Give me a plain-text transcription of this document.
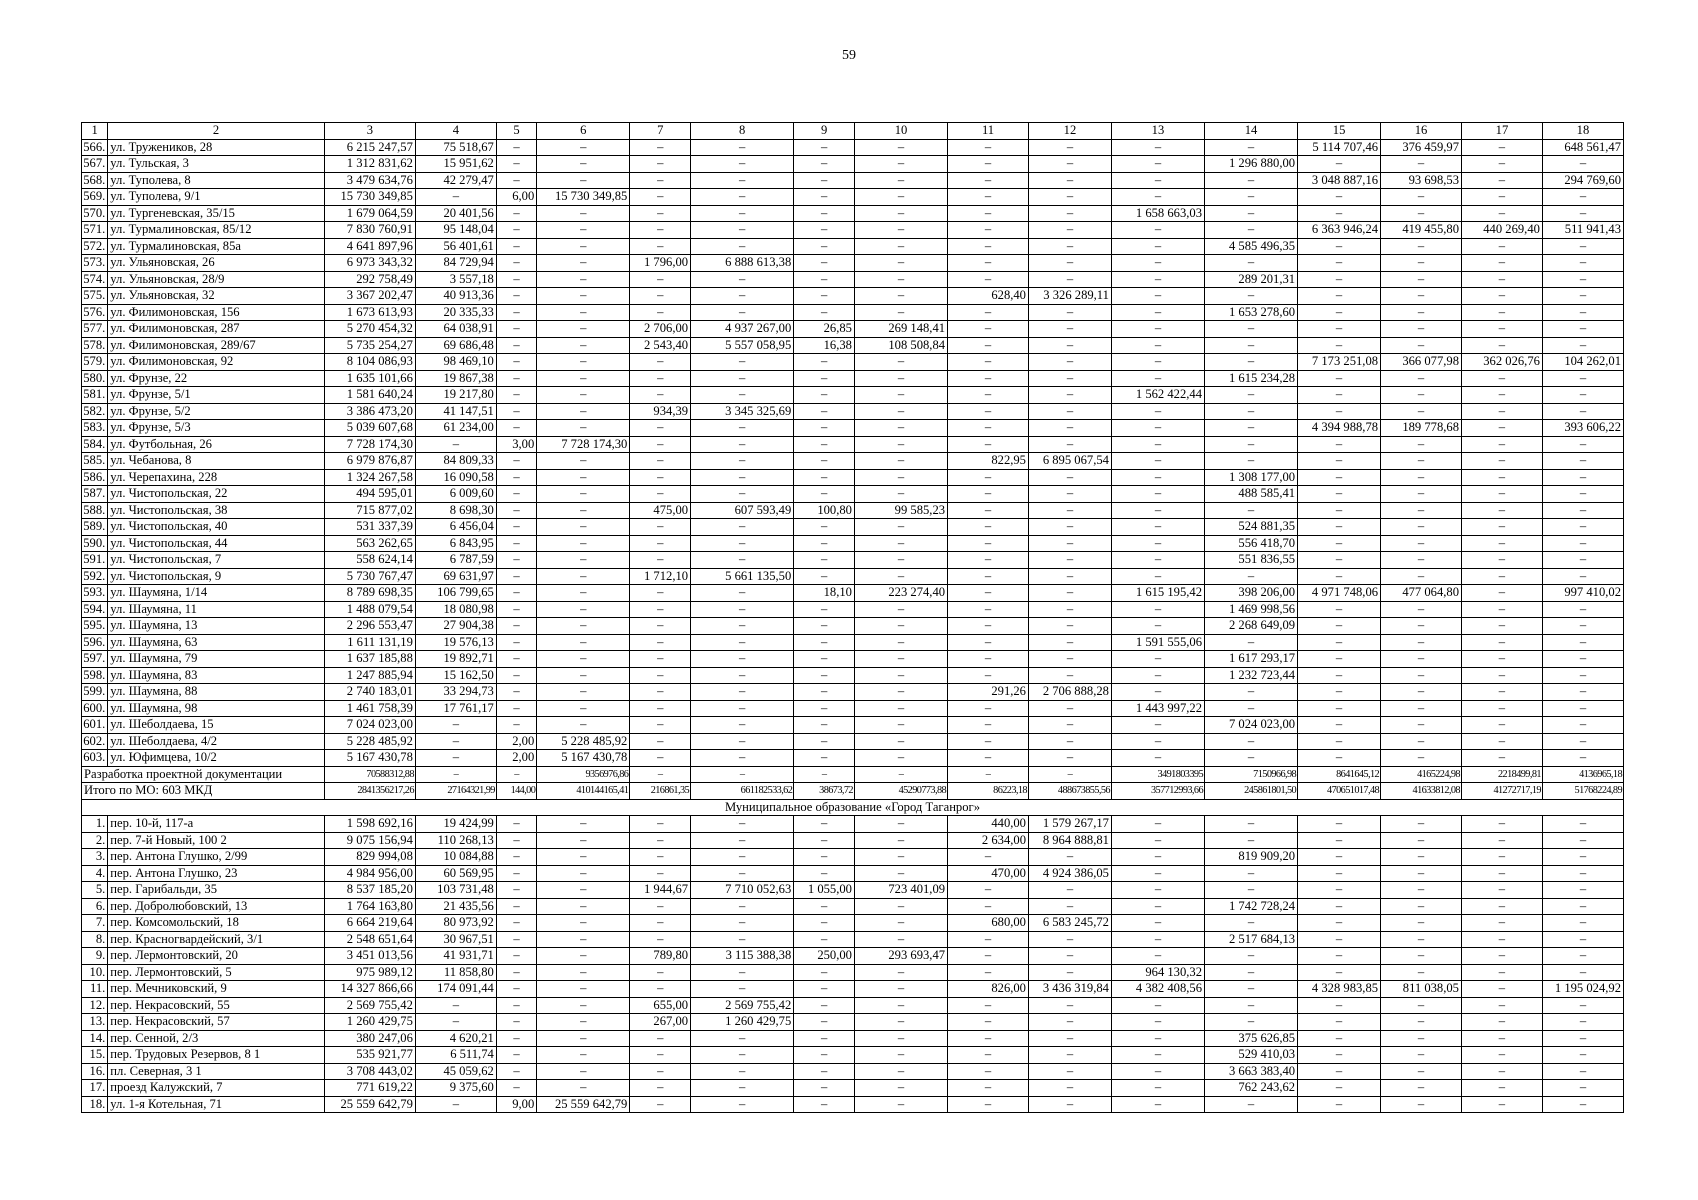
59
1	2	3	4	5	6	7	8	9	10	11	12	13	14	15	16	17	18
566.	ул. Тружеников, 28	6 215 247,57	75 518,67	–	–	–	–	–	–	–	–	–	–	5 114 707,46	376 459,97	–	648 561,47
567.	ул. Тульская, 3	1 312 831,62	15 951,62	–	–	–	–	–	–	–	–	–	1 296 880,00	–	–	–	–
568.	ул. Туполева, 8	3 479 634,76	42 279,47	–	–	–	–	–	–	–	–	–	–	3 048 887,16	93 698,53	–	294 769,60
569.	ул. Туполева, 9/1	15 730 349,85	–	6,00	15 730 349,85	–	–	–	–	–	–	–	–	–	–	–	–
570.	ул. Тургеневская, 35/15	1 679 064,59	20 401,56	–	–	–	–	–	–	–	–	1 658 663,03	–	–	–	–	–
571.	ул. Турмалиновская, 85/12	7 830 760,91	95 148,04	–	–	–	–	–	–	–	–	–	–	6 363 946,24	419 455,80	440 269,40	511 941,43
572.	ул. Турмалиновская, 85а	4 641 897,96	56 401,61	–	–	–	–	–	–	–	–	–	4 585 496,35	–	–	–	–
573.	ул. Ульяновская, 26	6 973 343,32	84 729,94	–	–	1 796,00	6 888 613,38	–	–	–	–	–	–	–	–	–	–
574.	ул. Ульяновская, 28/9	292 758,49	3 557,18	–	–	–	–	–	–	–	–	–	289 201,31	–	–	–	–
575.	ул. Ульяновская, 32	3 367 202,47	40 913,36	–	–	–	–	–	–	628,40	3 326 289,11	–	–	–	–	–	–
576.	ул. Филимоновская, 156	1 673 613,93	20 335,33	–	–	–	–	–	–	–	–	–	1 653 278,60	–	–	–	–
577.	ул. Филимоновская, 287	5 270 454,32	64 038,91	–	–	2 706,00	4 937 267,00	26,85	269 148,41	–	–	–	–	–	–	–	–
578.	ул. Филимоновская, 289/67	5 735 254,27	69 686,48	–	–	2 543,40	5 557 058,95	16,38	108 508,84	–	–	–	–	–	–	–	–
579.	ул. Филимоновская, 92	8 104 086,93	98 469,10	–	–	–	–	–	–	–	–	–	–	7 173 251,08	366 077,98	362 026,76	104 262,01
580.	ул. Фрунзе, 22	1 635 101,66	19 867,38	–	–	–	–	–	–	–	–	–	1 615 234,28	–	–	–	–
581.	ул. Фрунзе, 5/1	1 581 640,24	19 217,80	–	–	–	–	–	–	–	–	1 562 422,44	–	–	–	–	–
582.	ул. Фрунзе, 5/2	3 386 473,20	41 147,51	–	–	934,39	3 345 325,69	–	–	–	–	–	–	–	–	–	–
583.	ул. Фрунзе, 5/3	5 039 607,68	61 234,00	–	–	–	–	–	–	–	–	–	–	4 394 988,78	189 778,68	–	393 606,22
584.	ул. Футбольная, 26	7 728 174,30	–	3,00	7 728 174,30	–	–	–	–	–	–	–	–	–	–	–	–
585.	ул. Чебанова, 8	6 979 876,87	84 809,33	–	–	–	–	–	–	822,95	6 895 067,54	–	–	–	–	–	–
586.	ул. Черепахина, 228	1 324 267,58	16 090,58	–	–	–	–	–	–	–	–	–	1 308 177,00	–	–	–	–
587.	ул. Чистопольская, 22	494 595,01	6 009,60	–	–	–	–	–	–	–	–	–	488 585,41	–	–	–	–
588.	ул. Чистопольская, 38	715 877,02	8 698,30	–	–	475,00	607 593,49	100,80	99 585,23	–	–	–	–	–	–	–	–
589.	ул. Чистопольская, 40	531 337,39	6 456,04	–	–	–	–	–	–	–	–	–	524 881,35	–	–	–	–
590.	ул. Чистопольская, 44	563 262,65	6 843,95	–	–	–	–	–	–	–	–	–	556 418,70	–	–	–	–
591.	ул. Чистопольская, 7	558 624,14	6 787,59	–	–	–	–	–	–	–	–	–	551 836,55	–	–	–	–
592.	ул. Чистопольская, 9	5 730 767,47	69 631,97	–	–	1 712,10	5 661 135,50	–	–	–	–	–	–	–	–	–	–
593.	ул. Шаумяна, 1/14	8 789 698,35	106 799,65	–	–	–	–	18,10	223 274,40	–	–	1 615 195,42	398 206,00	4 971 748,06	477 064,80	–	997 410,02
594.	ул. Шаумяна, 11	1 488 079,54	18 080,98	–	–	–	–	–	–	–	–	–	1 469 998,56	–	–	–	–
595.	ул. Шаумяна, 13	2 296 553,47	27 904,38	–	–	–	–	–	–	–	–	–	2 268 649,09	–	–	–	–
596.	ул. Шаумяна, 63	1 611 131,19	19 576,13	–	–	–	–	–	–	–	–	1 591 555,06	–	–	–	–	–
597.	ул. Шаумяна, 79	1 637 185,88	19 892,71	–	–	–	–	–	–	–	–	–	1 617 293,17	–	–	–	–
598.	ул. Шаумяна, 83	1 247 885,94	15 162,50	–	–	–	–	–	–	–	–	–	1 232 723,44	–	–	–	–
599.	ул. Шаумяна, 88	2 740 183,01	33 294,73	–	–	–	–	–	–	291,26	2 706 888,28	–	–	–	–	–	–
600.	ул. Шаумяна, 98	1 461 758,39	17 761,17	–	–	–	–	–	–	–	–	1 443 997,22	–	–	–	–	–
601.	ул. Шеболдаева, 15	7 024 023,00	–	–	–	–	–	–	–	–	–	–	7 024 023,00	–	–	–	–
602.	ул. Шеболдаева, 4/2	5 228 485,92	–	2,00	5 228 485,92	–	–	–	–	–	–	–	–	–	–	–	–
603.	ул. Юфимцева, 10/2	5 167 430,78	–	2,00	5 167 430,78	–	–	–	–	–	–	–	–	–	–	–	–
Разработка проектной документации		70588312,88	–	–	9356976,86	–	–	–	–	–	–	3491803395	7150966,98	8641645,12	4165224,98	2218499,81	4136965,18
Итого по МО: 603 МКД		2841356217,26	27164321,99	144,00	410144165,41	216861,35	661182533,62	38673,72	45290773,88	86223,18	488673855,56	357712993,66	245861801,50	470651017,48	41633812,08	41272717,19	51768224,89
Муниципальное образование «Город Таганрог»																	
1.	пер. 10-й, 117-а	1 598 692,16	19 424,99	–	–	–	–	–	–	440,00	1 579 267,17	–	–	–	–	–	–
2.	пер. 7-й Новый, 100 2	9 075 156,94	110 268,13	–	–	–	–	–	–	2 634,00	8 964 888,81	–	–	–	–	–	–
3.	пер. Антона Глушко, 2/99	829 994,08	10 084,88	–	–	–	–	–	–	–	–	–	819 909,20	–	–	–	–
4.	пер. Антона Глушко, 23	4 984 956,00	60 569,95	–	–	–	–	–	–	470,00	4 924 386,05	–	–	–	–	–	–
5.	пер. Гарибальди, 35	8 537 185,20	103 731,48	–	–	1 944,67	7 710 052,63	1 055,00	723 401,09	–	–	–	–	–	–	–	–
6.	пер. Добролюбовский, 13	1 764 163,80	21 435,56	–	–	–	–	–	–	–	–	–	1 742 728,24	–	–	–	–
7.	пер. Комсомольский, 18	6 664 219,64	80 973,92	–	–	–	–	–	–	680,00	6 583 245,72	–	–	–	–	–	–
8.	пер. Красногвардейский, 3/1	2 548 651,64	30 967,51	–	–	–	–	–	–	–	–	–	2 517 684,13	–	–	–	–
9.	пер. Лермонтовский, 20	3 451 013,56	41 931,71	–	–	789,80	3 115 388,38	250,00	293 693,47	–	–	–	–	–	–	–	–
10.	пер. Лермонтовский, 5	975 989,12	11 858,80	–	–	–	–	–	–	–	–	964 130,32	–	–	–	–	–
11.	пер. Мечниковский, 9	14 327 866,66	174 091,44	–	–	–	–	–	–	826,00	3 436 319,84	4 382 408,56	–	4 328 983,85	811 038,05	–	1 195 024,92
12.	пер. Некрасовский, 55	2 569 755,42	–	–	–	655,00	2 569 755,42	–	–	–	–	–	–	–	–	–	–
13.	пер. Некрасовский, 57	1 260 429,75	–	–	–	267,00	1 260 429,75	–	–	–	–	–	–	–	–	–	–
14.	пер. Сенной, 2/3	380 247,06	4 620,21	–	–	–	–	–	–	–	–	–	375 626,85	–	–	–	–
15.	пер. Трудовых Резервов, 8 1	535 921,77	6 511,74	–	–	–	–	–	–	–	–	–	529 410,03	–	–	–	–
16.	пл. Северная, 3 1	3 708 443,02	45 059,62	–	–	–	–	–	–	–	–	–	3 663 383,40	–	–	–	–
17.	проезд Калужский, 7	771 619,22	9 375,60	–	–	–	–	–	–	–	–	–	762 243,62	–	–	–	–
18.	ул. 1-я Котельная, 71	25 559 642,79	–	9,00	25 559 642,79	–	–	–	–	–	–	–	–	–	–	–	–
